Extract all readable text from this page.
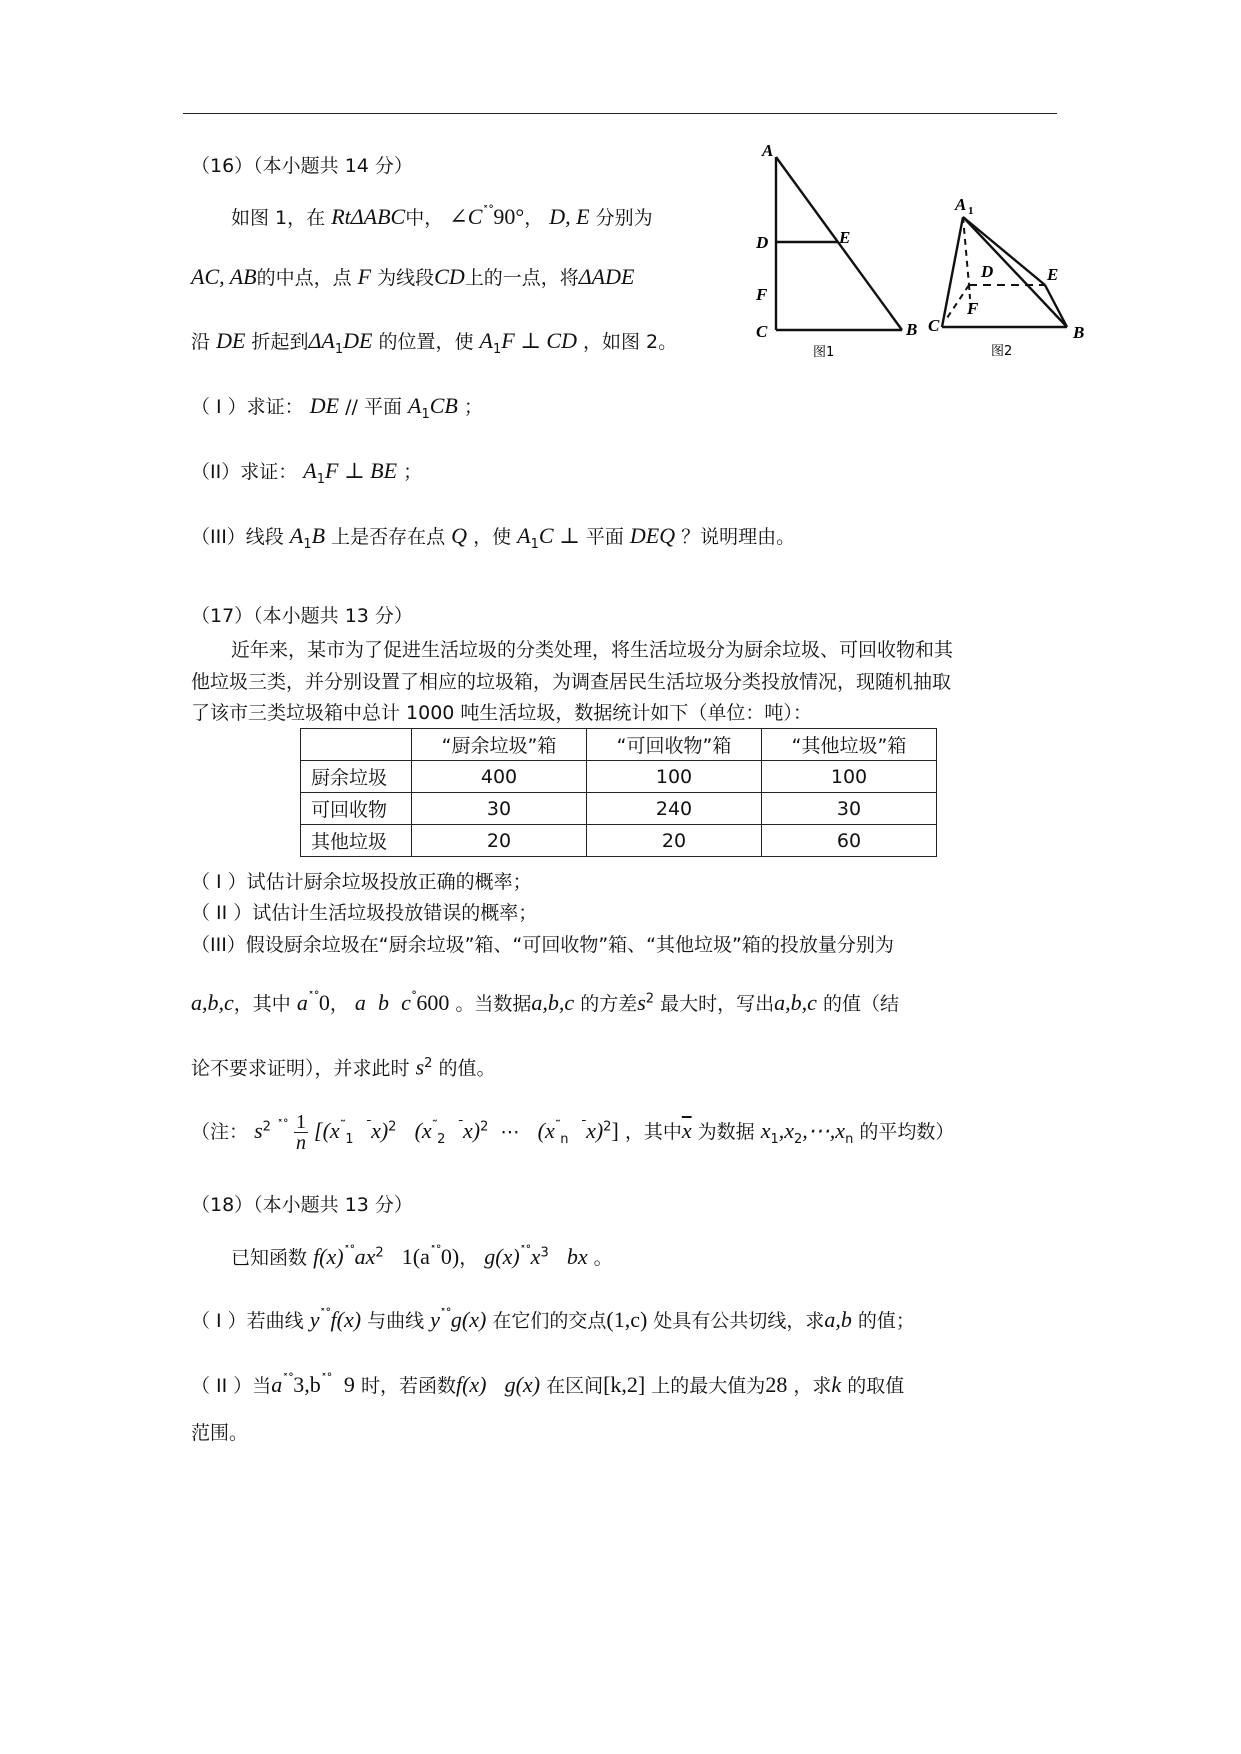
（16）（本小题共 14 分）
如图 1，在 RtΔABC中， ∠C˟˚90°， D, E 分别为
AC, AB的中点，点 F 为线段CD上的一点，将ΔADE
沿 DE 折起到$\Delta A_1DE$ 的位置，使 $A_1F$ ⊥ CD ，如图 2。
（ I ）求证： DE // 平面 $A_1CB$ ；
（II）求证： $A_1F$ ⊥ BE ；
（III）线段 $A_1B$ 上是否存在点 Q ，使 $A_1C$ ⊥ 平面 DEQ ？说明理由。
A
D	E
F
C	B
图1
A 1
D	E
F
C	B
图2
（17）（本小题共 13 分）
近年来，某市为了促进生活垃圾的分类处理，将生活垃圾分为厨余垃圾、可回收物和其
他垃圾三类，并分别设置了相应的垃圾箱，为调查居民生活垃圾分类投放情况，现随机抽取
了该市三类垃圾箱中总计 1000 吨生活垃圾，数据统计如下（单位：吨）：
	“厨余垃圾”箱	“可回收物”箱	“其他垃圾”箱
厨余垃圾	400	100	100
可回收物	30	240	30
其他垃圾	20	20	60
（ I ）试估计厨余垃圾投放正确的概率；
（ II ）试估计生活垃圾投放错误的概率；
（III）假设厨余垃圾在“厨余垃圾”箱、“可回收物”箱、“其他垃圾”箱的投放量分别为
a,b,c，其中 a˟˚0， a b c˚600 。当数据a,b,c 的方差$s^2$ 最大时，写出a,b,c 的值（结
论不要求证明），并求此时 $s^2$ 的值。
（注： $s^2$ $^{˟˚} \frac{1}{n} [(x^˜_1$  ¯x)$^2$ ($x^˜_2$  ¯x)$^2$  ⋯   ($x^˜_n$  ¯x)$^2$] ，其中$\overline{x}$ 为数据 $x_1,x_2,\cdots,x_n$ 的平均数）
（18）（本小题共 13 分）
已知函数 $f(x)^{˟˚}ax^2$ 1(a˟˚0)， $g(x)^{˟˚}x^3$ bx 。
（ I ）若曲线 y˟˚f(x) 与曲线 y˟˚g(x) 在它们的交点(1,c) 处具有公共切线，求a,b 的值；
（ II ）当a˟˚3,b˟˚ 9 时，若函数f(x) g(x) 在区间[k,2] 上的最大值为28 ，求k 的取值
范围。
